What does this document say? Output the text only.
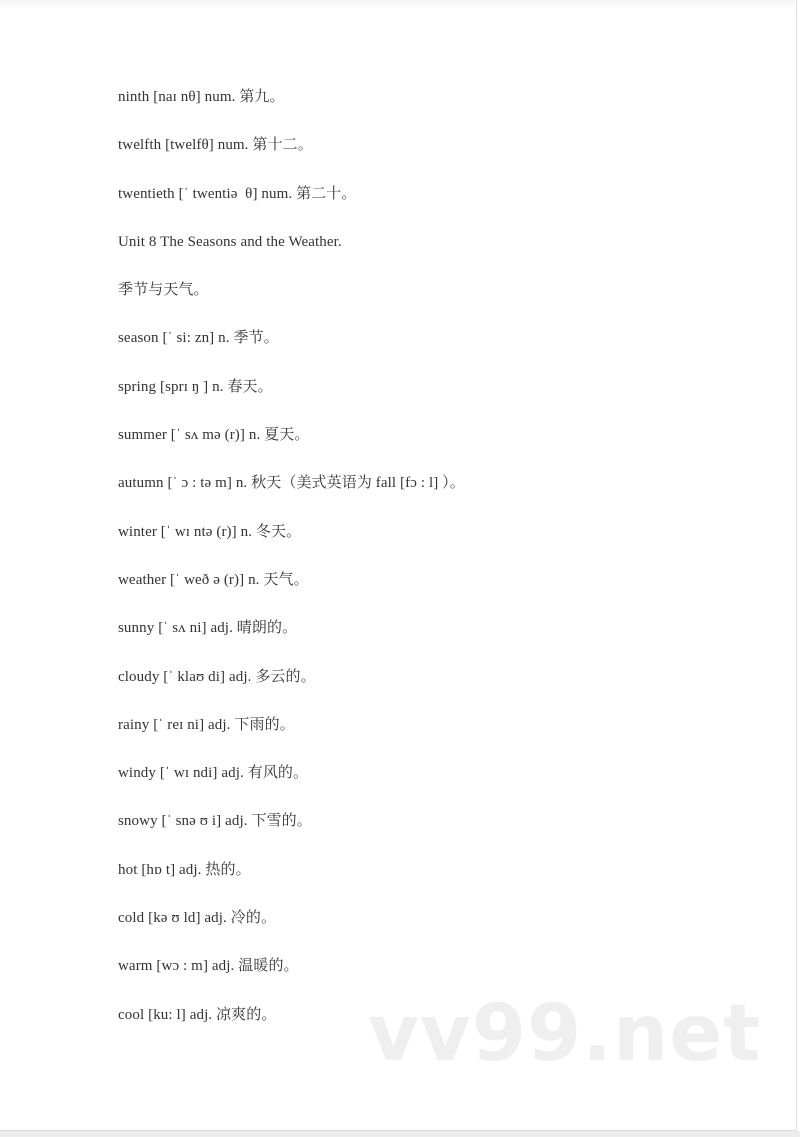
ninth [naɪ nθ] num. 第九。
twelfth [twelfθ] num. 第十二。
twentieth [ˈ twentiə  θ] num. 第二十。
Unit 8 The Seasons and the Weather.
季节与天气。
season [ˈ si: zn] n. 季节。
spring [sprɪ ŋ ] n. 春天。
summer [ˈ sʌ mə (r)] n. 夏天。
autumn [ˈ ɔ : tə m] n. 秋天（美式英语为 fall [fɔ : l] ）。
winter [ˈ wɪ ntə (r)] n. 冬天。
weather [ˈ weð ə (r)] n. 天气。
sunny [ˈ sʌ ni] adj. 晴朗的。
cloudy [ˈ klaʊ di] adj. 多云的。
rainy [ˈ reɪ ni] adj. 下雨的。
windy [ˈ wɪ ndi] adj. 有风的。
snowy [ˈ snə ʊ i] adj. 下雪的。
hot [hɒ t] adj. 热的。
cold [kə ʊ ld] adj. 冷的。
warm [wɔ : m] adj. 温暖的。
cool [ku: l] adj. 凉爽的。	vv99.net
